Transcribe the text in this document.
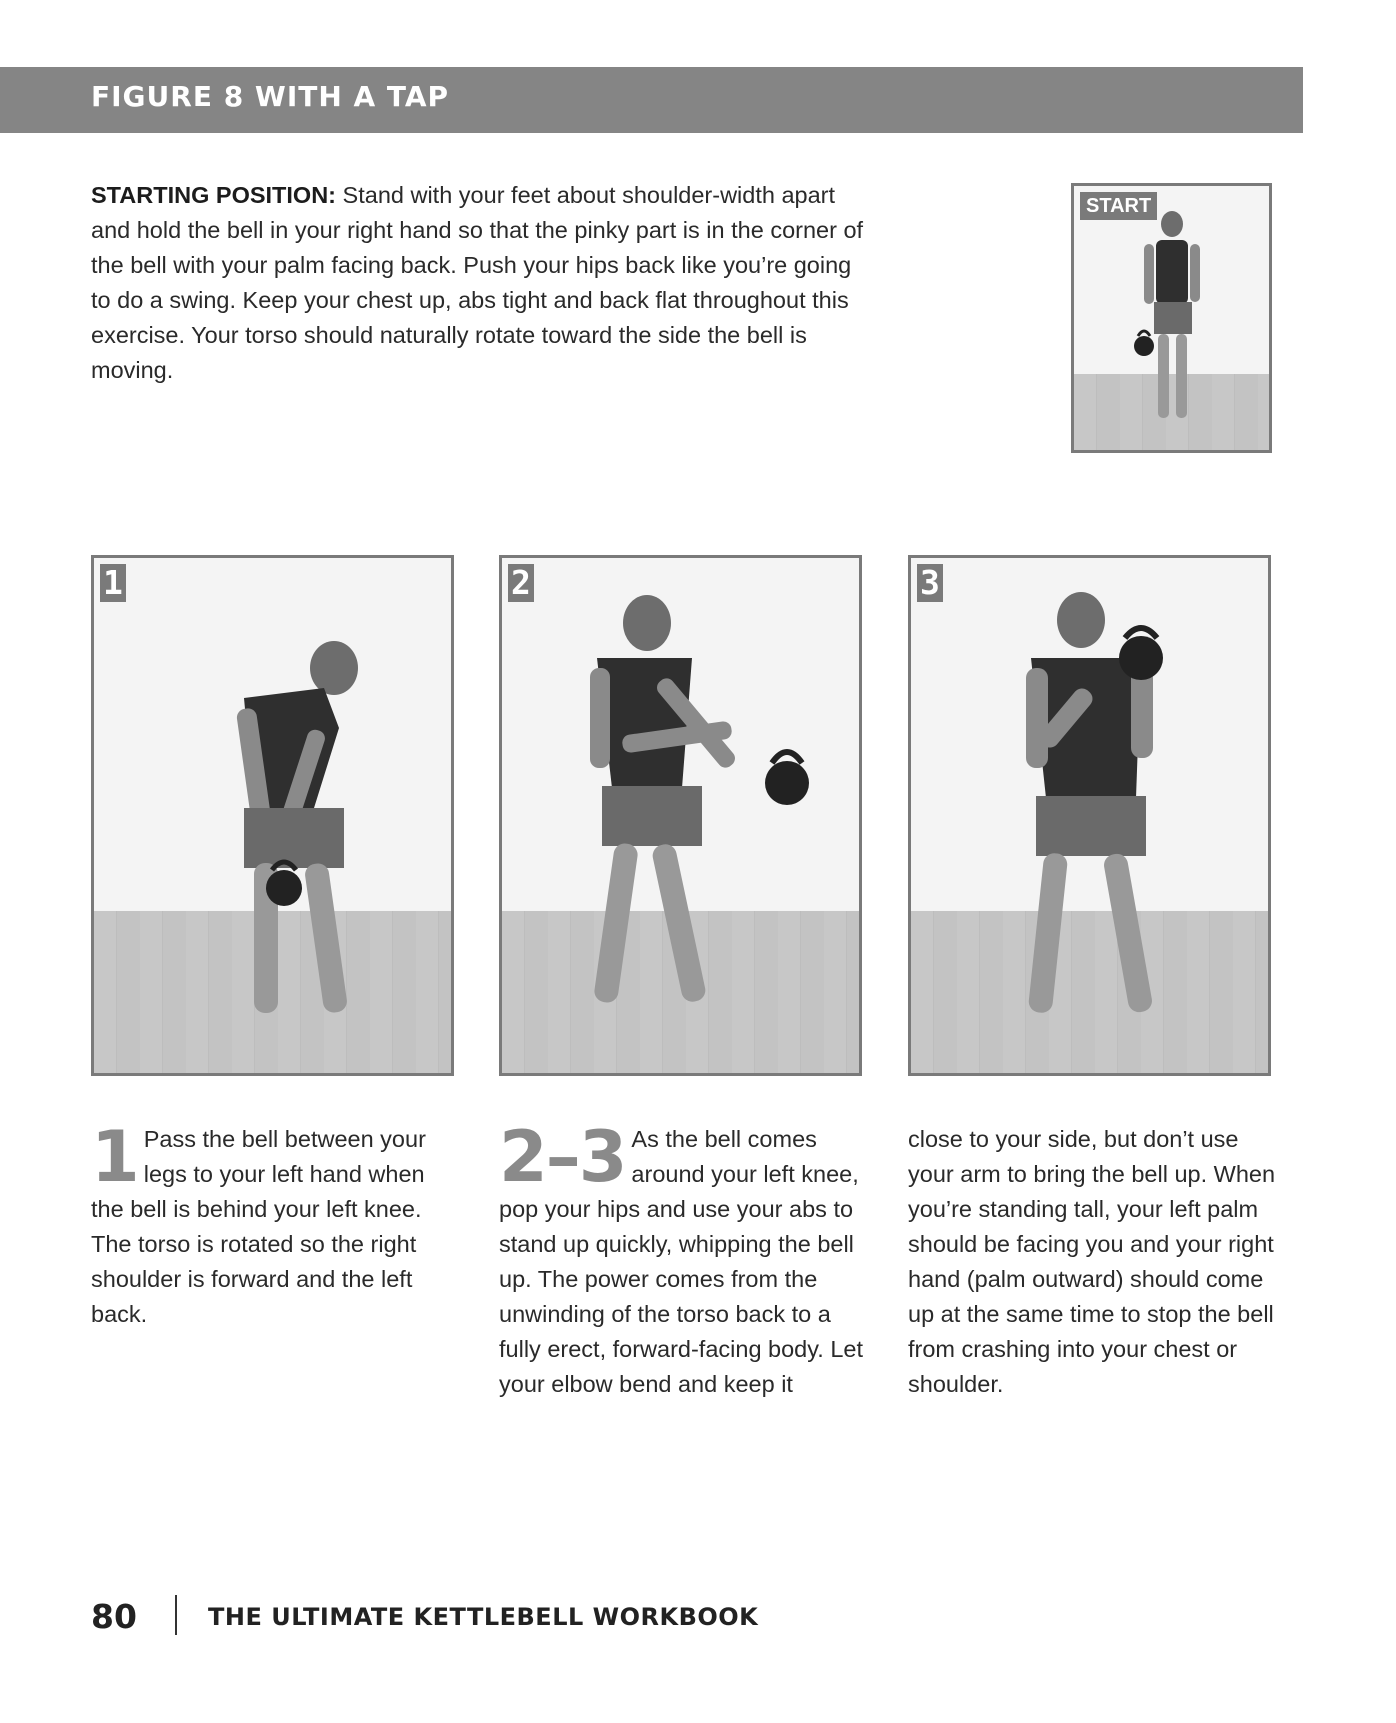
FIGURE 8 WITH A TAP

STARTING POSITION: Stand with your feet about shoulder-width apart and hold the bell in your right hand so that the pinky part is in the corner of the bell with your palm facing back. Push your hips back like you’re going to do a swing. Keep your chest up, abs tight and back flat throughout this exercise. Your torso should naturally rotate toward the side the bell is moving.

START
1	2	3

1 Pass the bell between your legs to your left hand when the bell is behind your left knee. The torso is rotated so the right shoulder is forward and the left back.

2–3 As the bell comes around your left knee, pop your hips and use your abs to stand up quickly, whipping the bell up. The power comes from the unwinding of the torso back to a fully erect, forward-facing body. Let your elbow bend and keep it

close to your side, but don’t use your arm to bring the bell up. When you’re standing tall, your left palm should be facing you and your right hand (palm outward) should come up at the same time to stop the bell from crashing into your chest or shoulder.

80	THE ULTIMATE KETTLEBELL WORKBOOK
